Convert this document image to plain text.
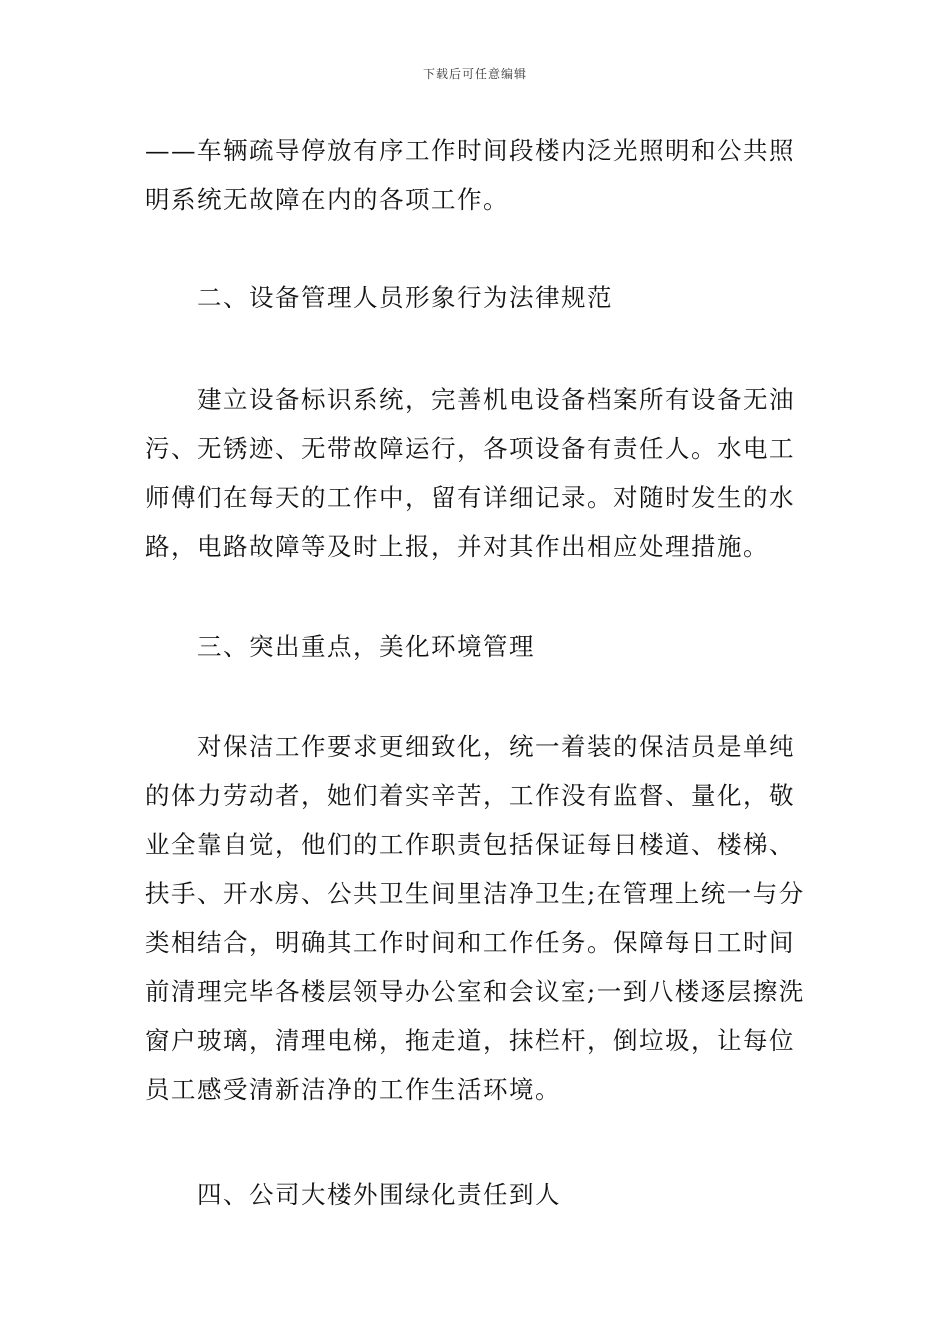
下载后可任意编辑
——车辆疏导停放有序工作时间段楼内泛光照明和公共照
明系统无故障在内的各项工作。
二、设备管理人员形象行为法律规范
建立设备标识系统，完善机电设备档案所有设备无油
污、无锈迹、无带故障运行，各项设备有责任人。水电工
师傅们在每天的工作中，留有详细记录。对随时发生的水
路，电路故障等及时上报，并对其作出相应处理措施。
三、突出重点，美化环境管理
对保洁工作要求更细致化，统一着装的保洁员是单纯
的体力劳动者，她们着实辛苦，工作没有监督、量化，敬
业全靠自觉，他们的工作职责包括保证每日楼道、楼梯、
扶手、开水房、公共卫生间里洁净卫生;在管理上统一与分
类相结合，明确其工作时间和工作任务。保障每日工时间
前清理完毕各楼层领导办公室和会议室;一到八楼逐层擦洗
窗户玻璃，清理电梯，拖走道，抹栏杆，倒垃圾，让每位
员工感受清新洁净的工作生活环境。
四、公司大楼外围绿化责任到人
